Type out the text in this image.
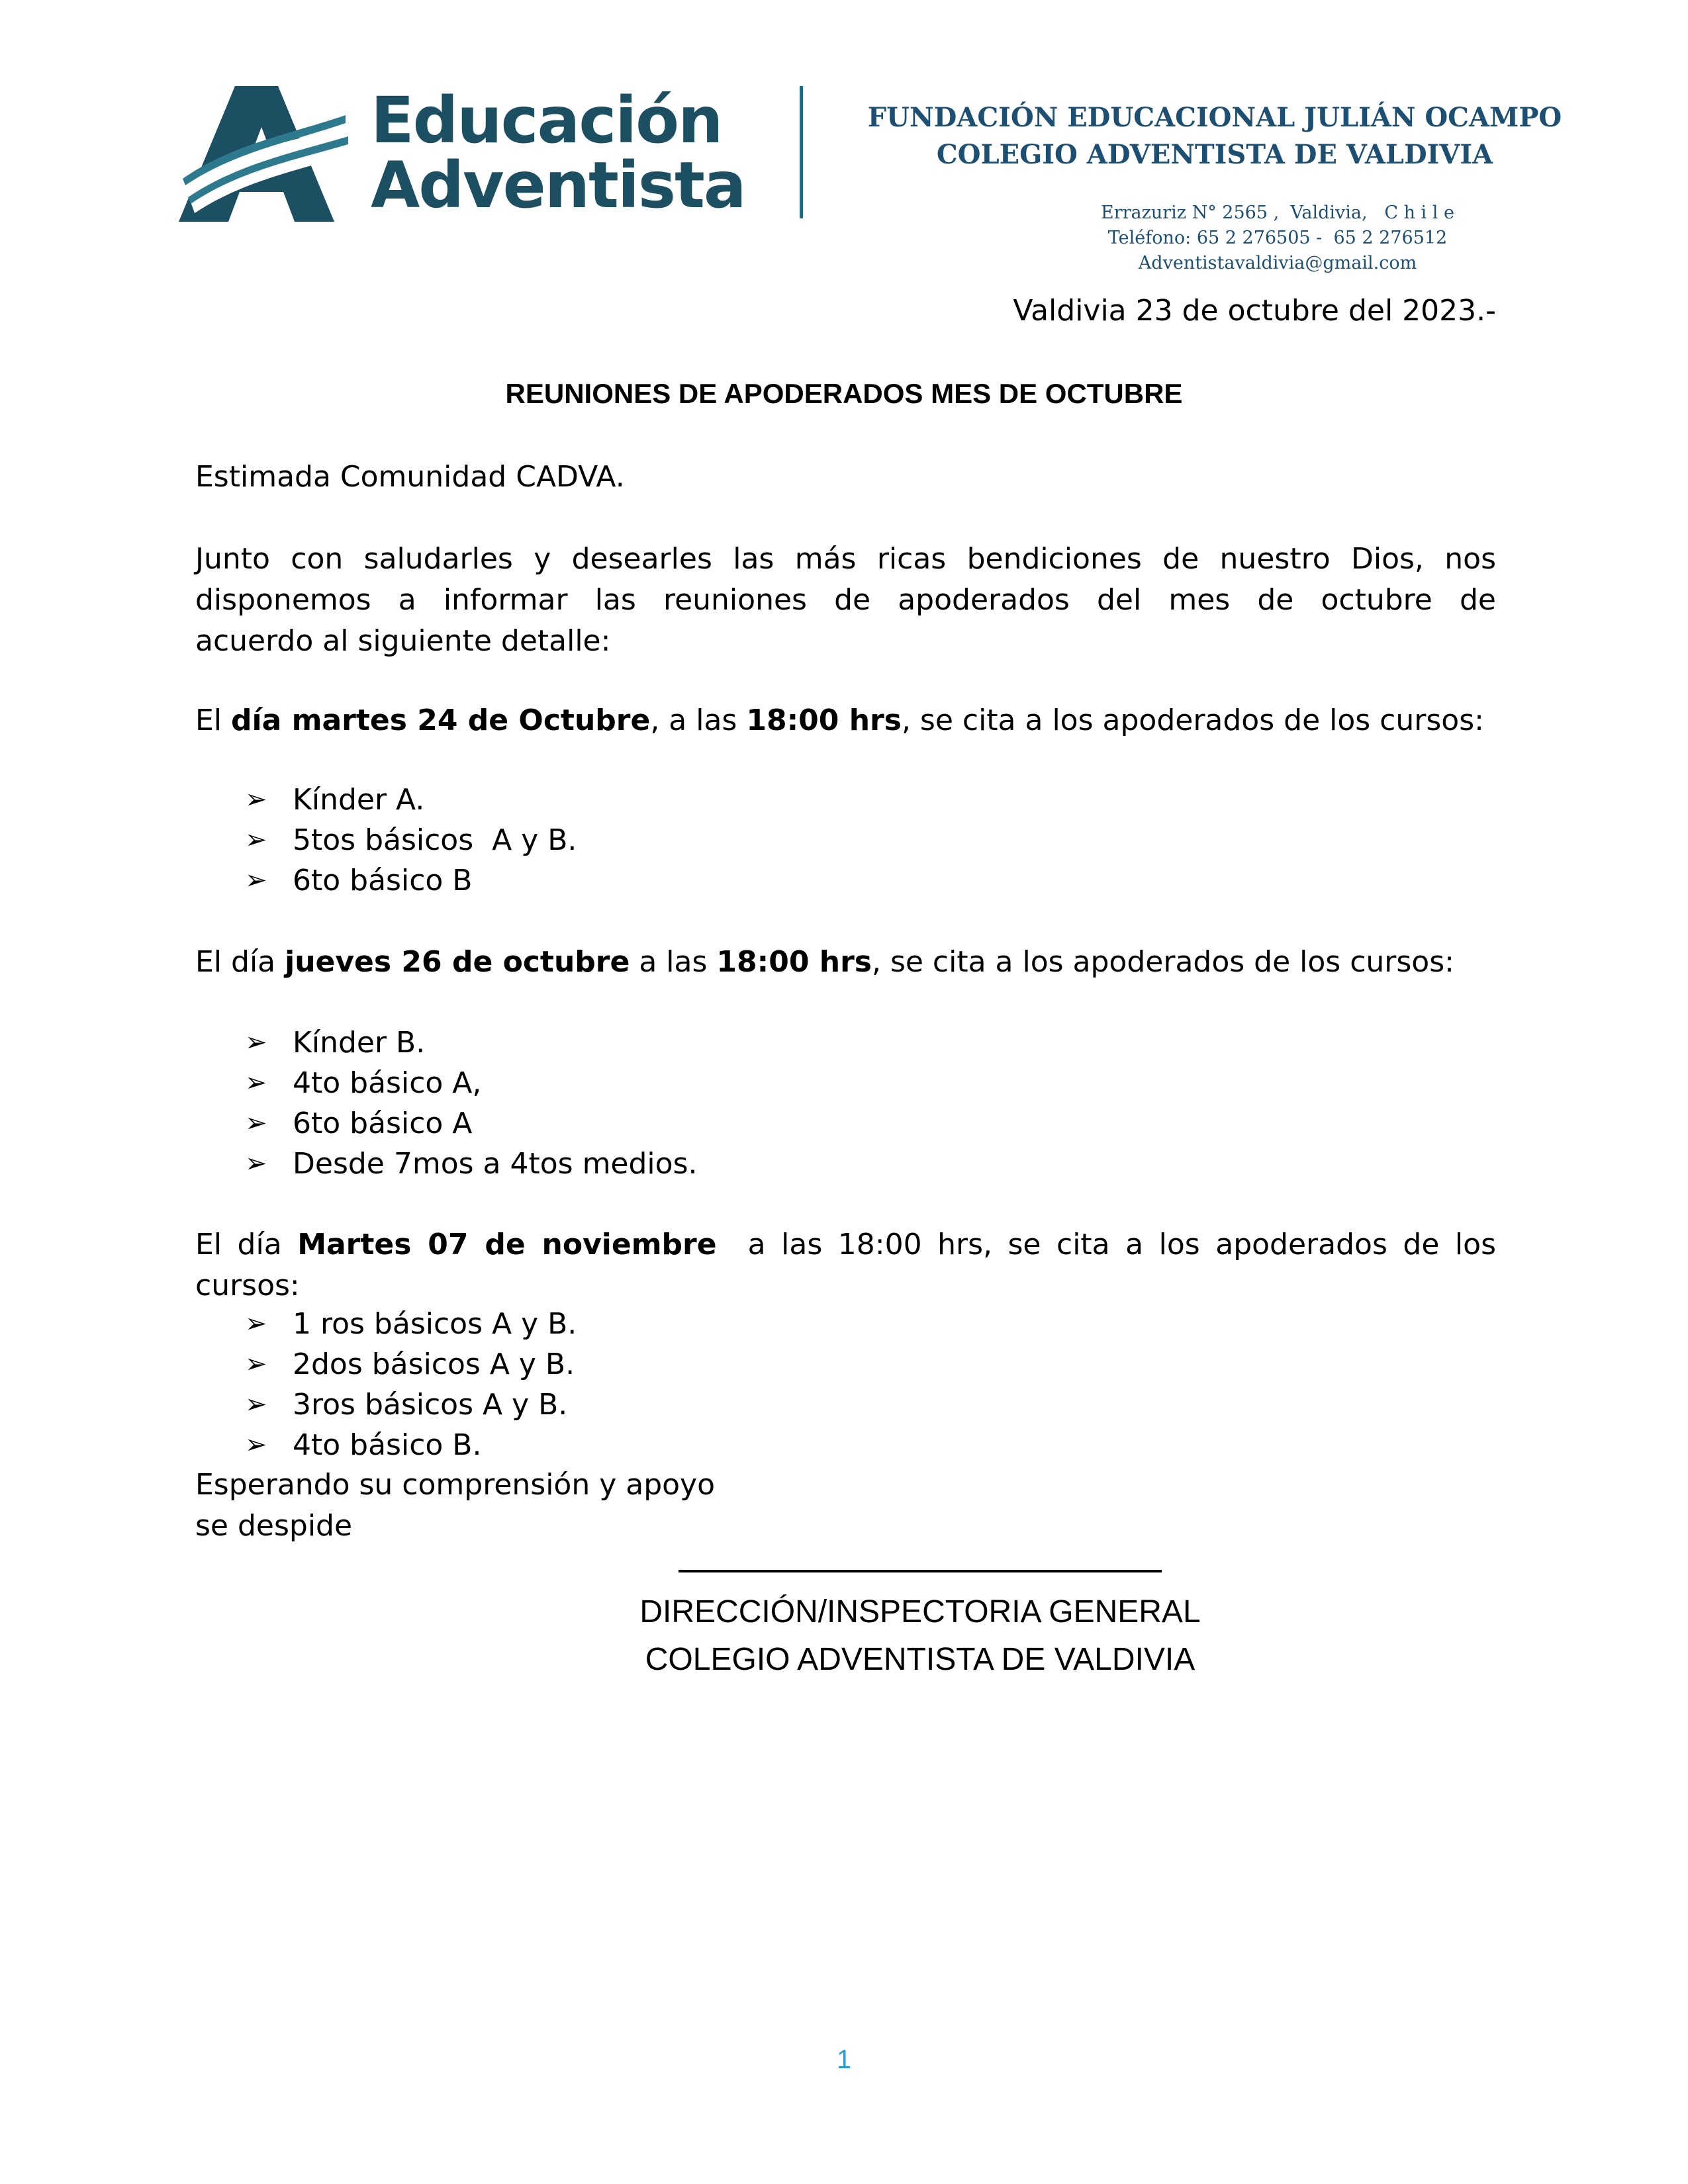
Educación
Adventista
FUNDACIÓN EDUCACIONAL JULIÁN OCAMPO
COLEGIO ADVENTISTA DE VALDIVIA
Errazuriz N° 2565 ,  Valdivia,   C h i l e
Teléfono: 65 2 276505 -  65 2 276512
Adventistavaldivia@gmail.com
Valdivia 23 de octubre del 2023.-
REUNIONES DE APODERADOS MES DE OCTUBRE
Estimada Comunidad CADVA.
Junto con saludarles y desearles las más ricas bendiciones de nuestro Dios, nos
disponemos a informar las reuniones de apoderados del mes de octubre de
acuerdo al siguiente detalle:
El día martes 24 de Octubre, a las 18:00 hrs, se cita a los apoderados de los cursos:
➢ Kínder A.
➢ 5tos básicos  A y B.
➢ 6to básico B
El día jueves 26 de octubre a las 18:00 hrs, se cita a los apoderados de los cursos:
➢ Kínder B.
➢ 4to básico A,
➢ 6to básico A
➢ Desde 7mos a 4tos medios.
El día Martes 07 de noviembre  a las 18:00 hrs, se cita a los apoderados de los
cursos:
➢ 1 ros básicos A y B.
➢ 2dos básicos A y B.
➢ 3ros básicos A y B.
➢ 4to básico B.
Esperando su comprensión y apoyo
se despide
DIRECCIÓN/INSPECTORIA GENERAL
COLEGIO ADVENTISTA DE VALDIVIA
1
